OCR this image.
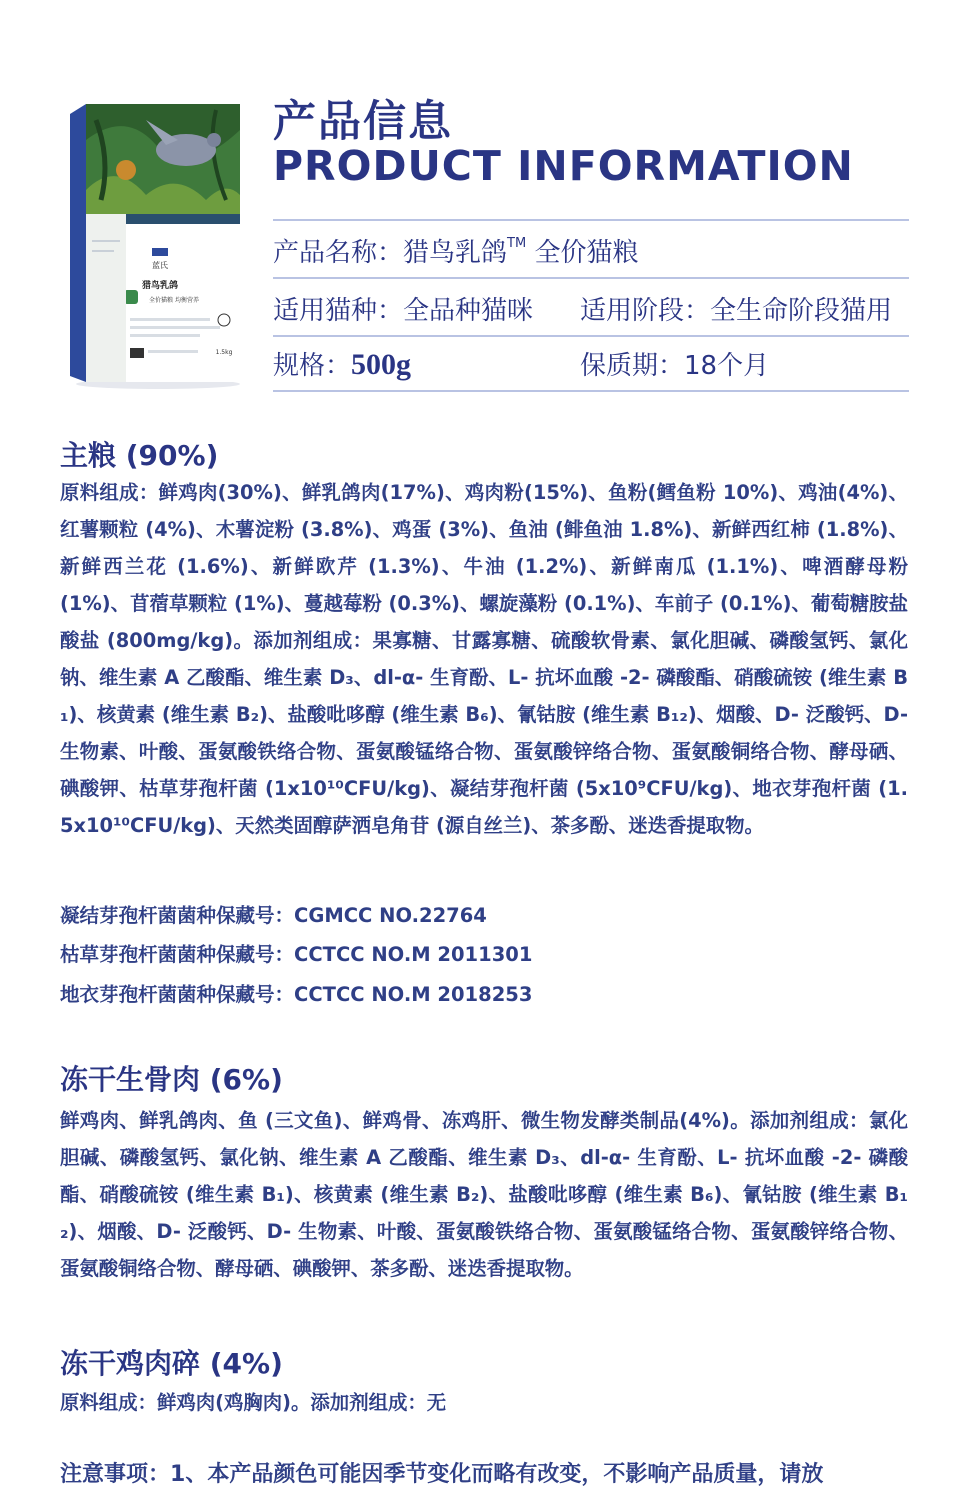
蓝氏
猎鸟乳鸽
全价猫粮 均衡营养
1.5kg
产品信息
PRODUCT INFORMATION
产品名称：猎鸟乳鸽™ 全价猫粮
适用猫种：全品种猫咪 适用阶段：全生命阶段猫用
规格：500g	保质期：18个月
主粮 (90%)
原料组成：鲜鸡肉(30%)、鲜乳鸽肉(17%)、鸡肉粉(15%)、鱼粉(鳕鱼粉 10%)、鸡油(4%)、红薯颗粒 (4%)、木薯淀粉 (3.8%)、鸡蛋 (3%)、鱼油 (鲱鱼油 1.8%)、新鲜西红柿 (1.8%)、新鲜西兰花 (1.6%)、新鲜欧芹 (1.3%)、牛油 (1.2%)、新鲜南瓜 (1.1%)、啤酒酵母粉 (1%)、苜蓿草颗粒 (1%)、蔓越莓粉 (0.3%)、螺旋藻粉 (0.1%)、车前子 (0.1%)、葡萄糖胺盐酸盐 (800mg/kg)。添加剂组成：果寡糖、甘露寡糖、硫酸软骨素、氯化胆碱、磷酸氢钙、氯化钠、维生素 A 乙酸酯、维生素 D₃、dl-α- 生育酚、L- 抗坏血酸 -2- 磷酸酯、硝酸硫铵 (维生素 B₁)、核黄素 (维生素 B₂)、盐酸吡哆醇 (维生素 B₆)、氰钴胺 (维生素 B₁₂)、烟酸、D- 泛酸钙、D- 生物素、叶酸、蛋氨酸铁络合物、蛋氨酸锰络合物、蛋氨酸锌络合物、蛋氨酸铜络合物、酵母硒、碘酸钾、枯草芽孢杆菌 (1x10¹⁰CFU/kg)、凝结芽孢杆菌 (5x10⁹CFU/kg)、地衣芽孢杆菌 (1.5x10¹⁰CFU/kg)、天然类固醇萨洒皂角苷 (源自丝兰)、茶多酚、迷迭香提取物。
凝结芽孢杆菌菌种保藏号：CGMCC NO.22764
枯草芽孢杆菌菌种保藏号：CCTCC NO.M 2011301
地衣芽孢杆菌菌种保藏号：CCTCC NO.M 2018253
冻干生骨肉 (6%)
鲜鸡肉、鲜乳鸽肉、鱼 (三文鱼)、鲜鸡骨、冻鸡肝、微生物发酵类制品(4%)。添加剂组成：氯化胆碱、磷酸氢钙、氯化钠、维生素 A 乙酸酯、维生素 D₃、dl-α- 生育酚、L- 抗坏血酸 -2- 磷酸酯、硝酸硫铵 (维生素 B₁)、核黄素 (维生素 B₂)、盐酸吡哆醇 (维生素 B₆)、氰钴胺 (维生素 B₁₂)、烟酸、D- 泛酸钙、D- 生物素、叶酸、蛋氨酸铁络合物、蛋氨酸锰络合物、蛋氨酸锌络合物、蛋氨酸铜络合物、酵母硒、碘酸钾、茶多酚、迷迭香提取物。
冻干鸡肉碎 (4%)
原料组成：鲜鸡肉(鸡胸肉)。添加剂组成：无
注意事项：1、本产品颜色可能因季节变化而略有改变，不影响产品质量，请放
